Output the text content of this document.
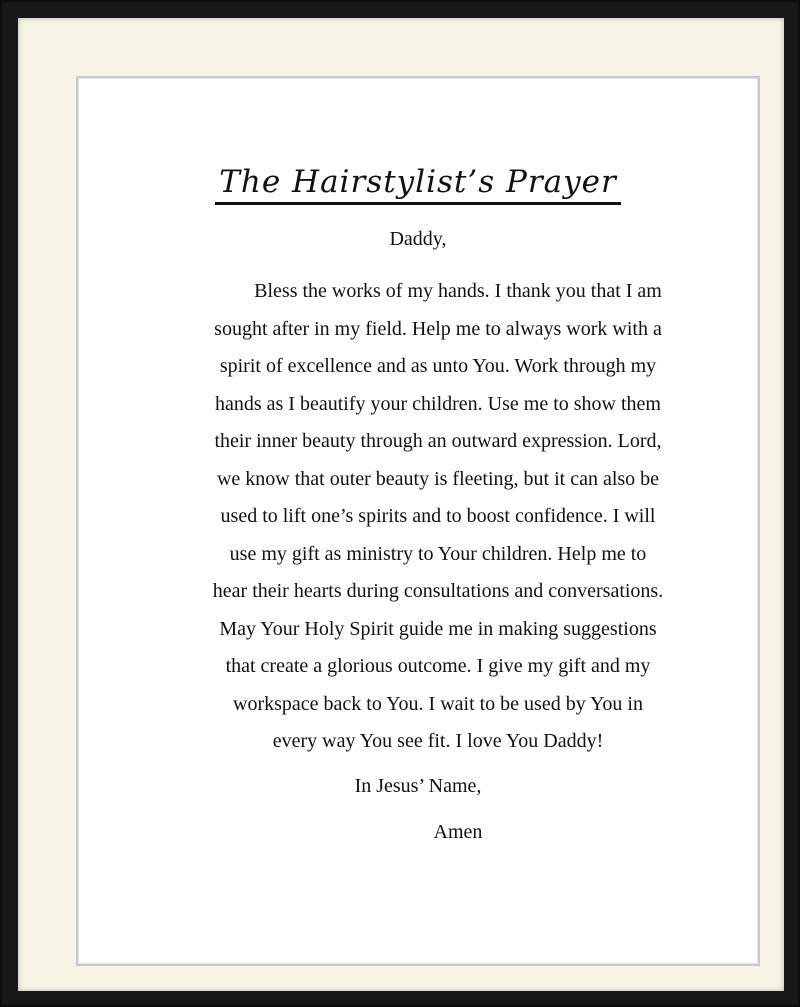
The Hairstylist’s Prayer
Daddy,
Bless the works of my hands. I thank you that I am
sought after in my field. Help me to always work with a
spirit of excellence and as unto You. Work through my
hands as I beautify your children. Use me to show them
their inner beauty through an outward expression. Lord,
we know that outer beauty is fleeting, but it can also be
used to lift one’s spirits and to boost confidence. I will
use my gift as ministry to Your children. Help me to
hear their hearts during consultations and conversations.
May Your Holy Spirit guide me in making suggestions
that create a glorious outcome. I give my gift and my
workspace back to You. I wait to be used by You in
every way You see fit. I love You Daddy!
In Jesus’ Name,
Amen
